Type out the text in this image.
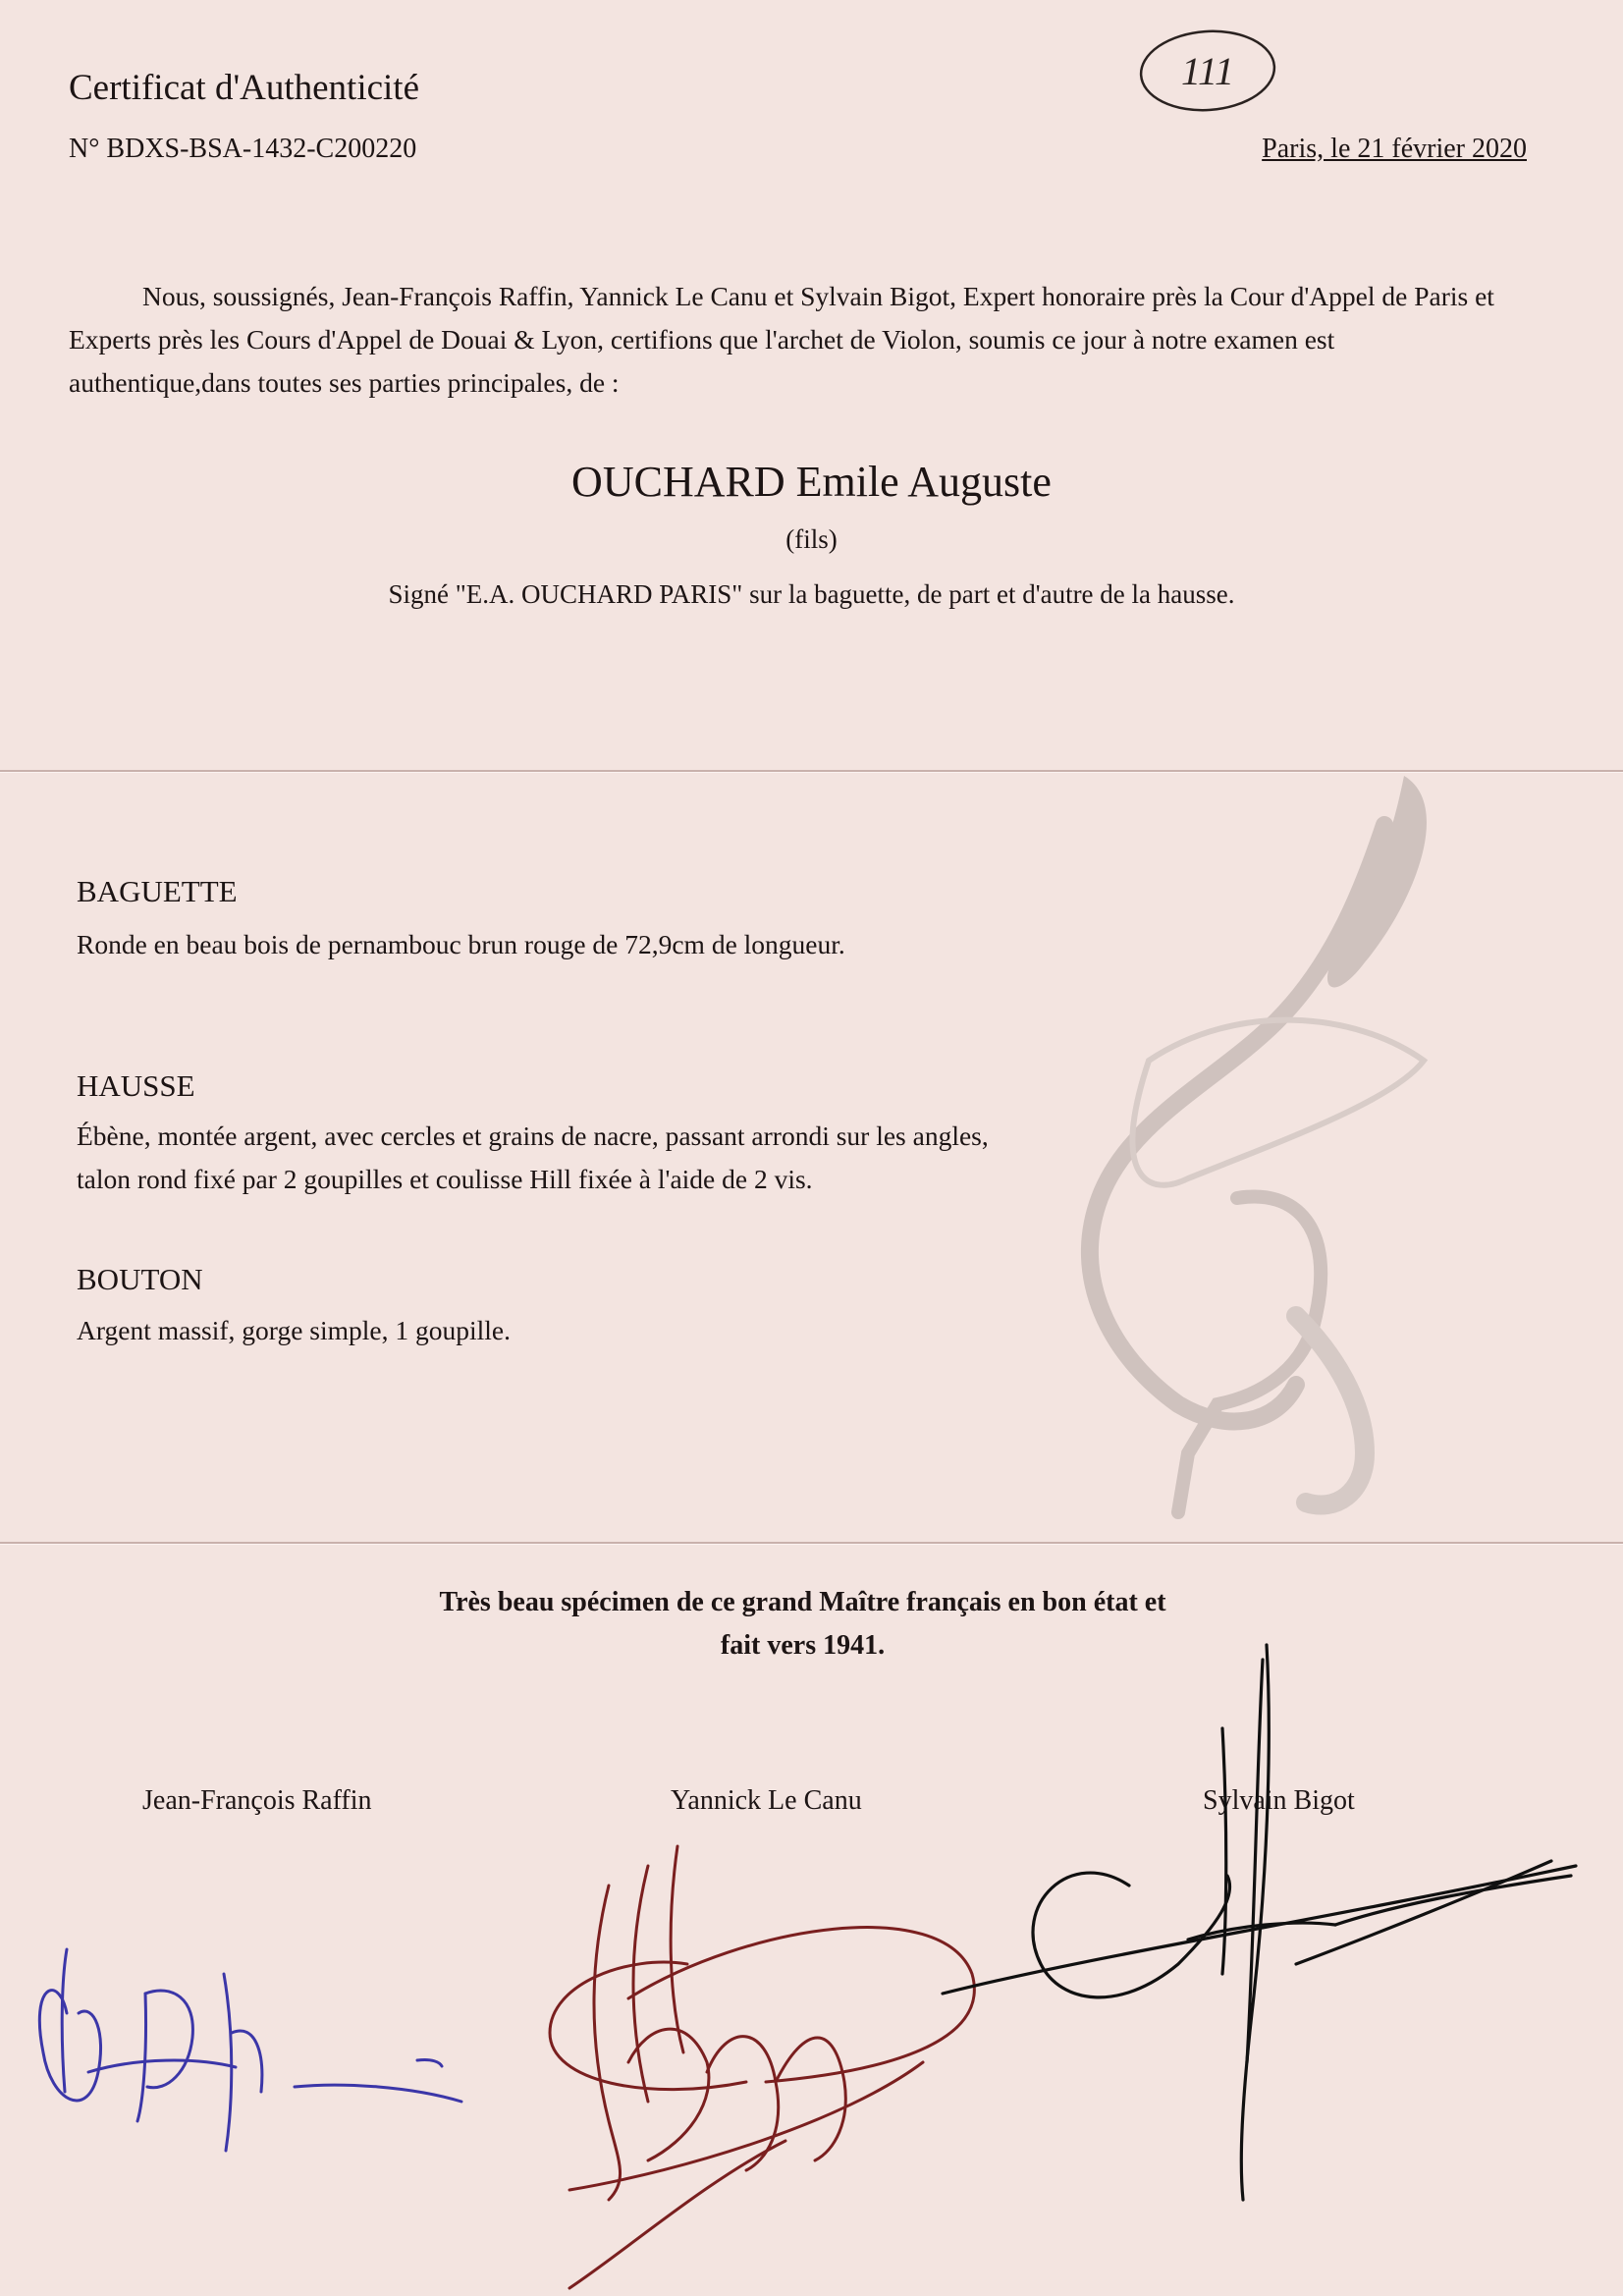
Certificat d'Authenticité
N° BDXS-BSA-1432-C200220	Paris, le 21 février 2020
111
Nous, soussignés, Jean-François Raffin, Yannick Le Canu et Sylvain Bigot, Expert honoraire près la Cour d'Appel de Paris et Experts près les Cours d'Appel de Douai & Lyon, certifions que l'archet de Violon, soumis ce jour à notre examen est authentique,dans toutes ses parties principales, de :
OUCHARD Emile Auguste
(fils)
Signé "E.A. OUCHARD PARIS" sur la baguette, de part et d'autre de la hausse.
BAGUETTE
Ronde en beau bois de pernambouc brun rouge de 72,9cm de longueur.
HAUSSE
Ébène, montée argent, avec cercles et grains de nacre, passant arrondi sur les angles, talon rond fixé par 2 goupilles et coulisse Hill fixée à l'aide de 2 vis.
BOUTON
Argent massif, gorge simple, 1 goupille.
Très beau spécimen de ce grand Maître français en bon état et
fait vers 1941.
Jean-François Raffin	Yannick Le Canu	Sylvain Bigot
